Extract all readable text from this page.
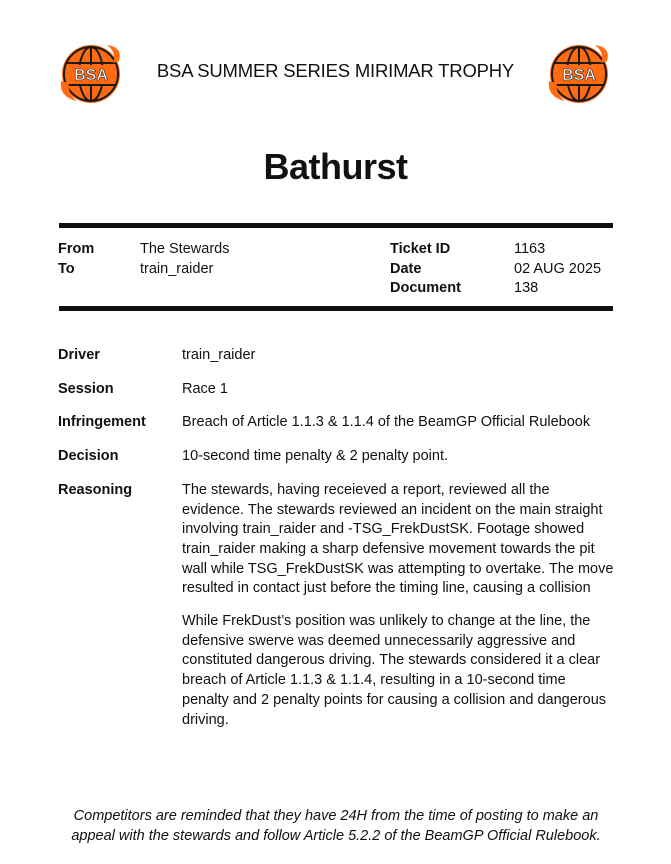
BSA	BSA SUMMER SERIES MIRIMAR TROPHY	BSA
Bathurst
From	The Stewards
To	train_raider
Ticket ID	1163
Date	02 AUG 2025
Document	138
Driver	train_raider
Session	Race 1
Infringement	Breach of Article 1.1.3 & 1.1.4 of the BeamGP Official Rulebook
Decision	10-second time penalty & 2 penalty point.
Reasoning	The stewards, having receieved a report, reviewed all the evidence. The stewards reviewed an incident on the main straight involving train_raider and -TSG_FrekDustSK. Footage showed train_raider making a sharp defensive movement towards the pit wall while TSG_FrekDustSK was attempting to overtake. The move resulted in contact just before the timing line, causing a collision

While FrekDust’s position was unlikely to change at the line, the defensive swerve was deemed unnecessarily aggressive and constituted dangerous driving. The stewards considered it a clear breach of Article 1.1.3 & 1.1.4, resulting in a 10-second time penalty and 2 penalty points for causing a collision and dangerous driving.

Competitors are reminded that they have 24H from the time of posting to make an appeal with the stewards and follow Article 5.2.2 of the BeamGP Official Rulebook.
